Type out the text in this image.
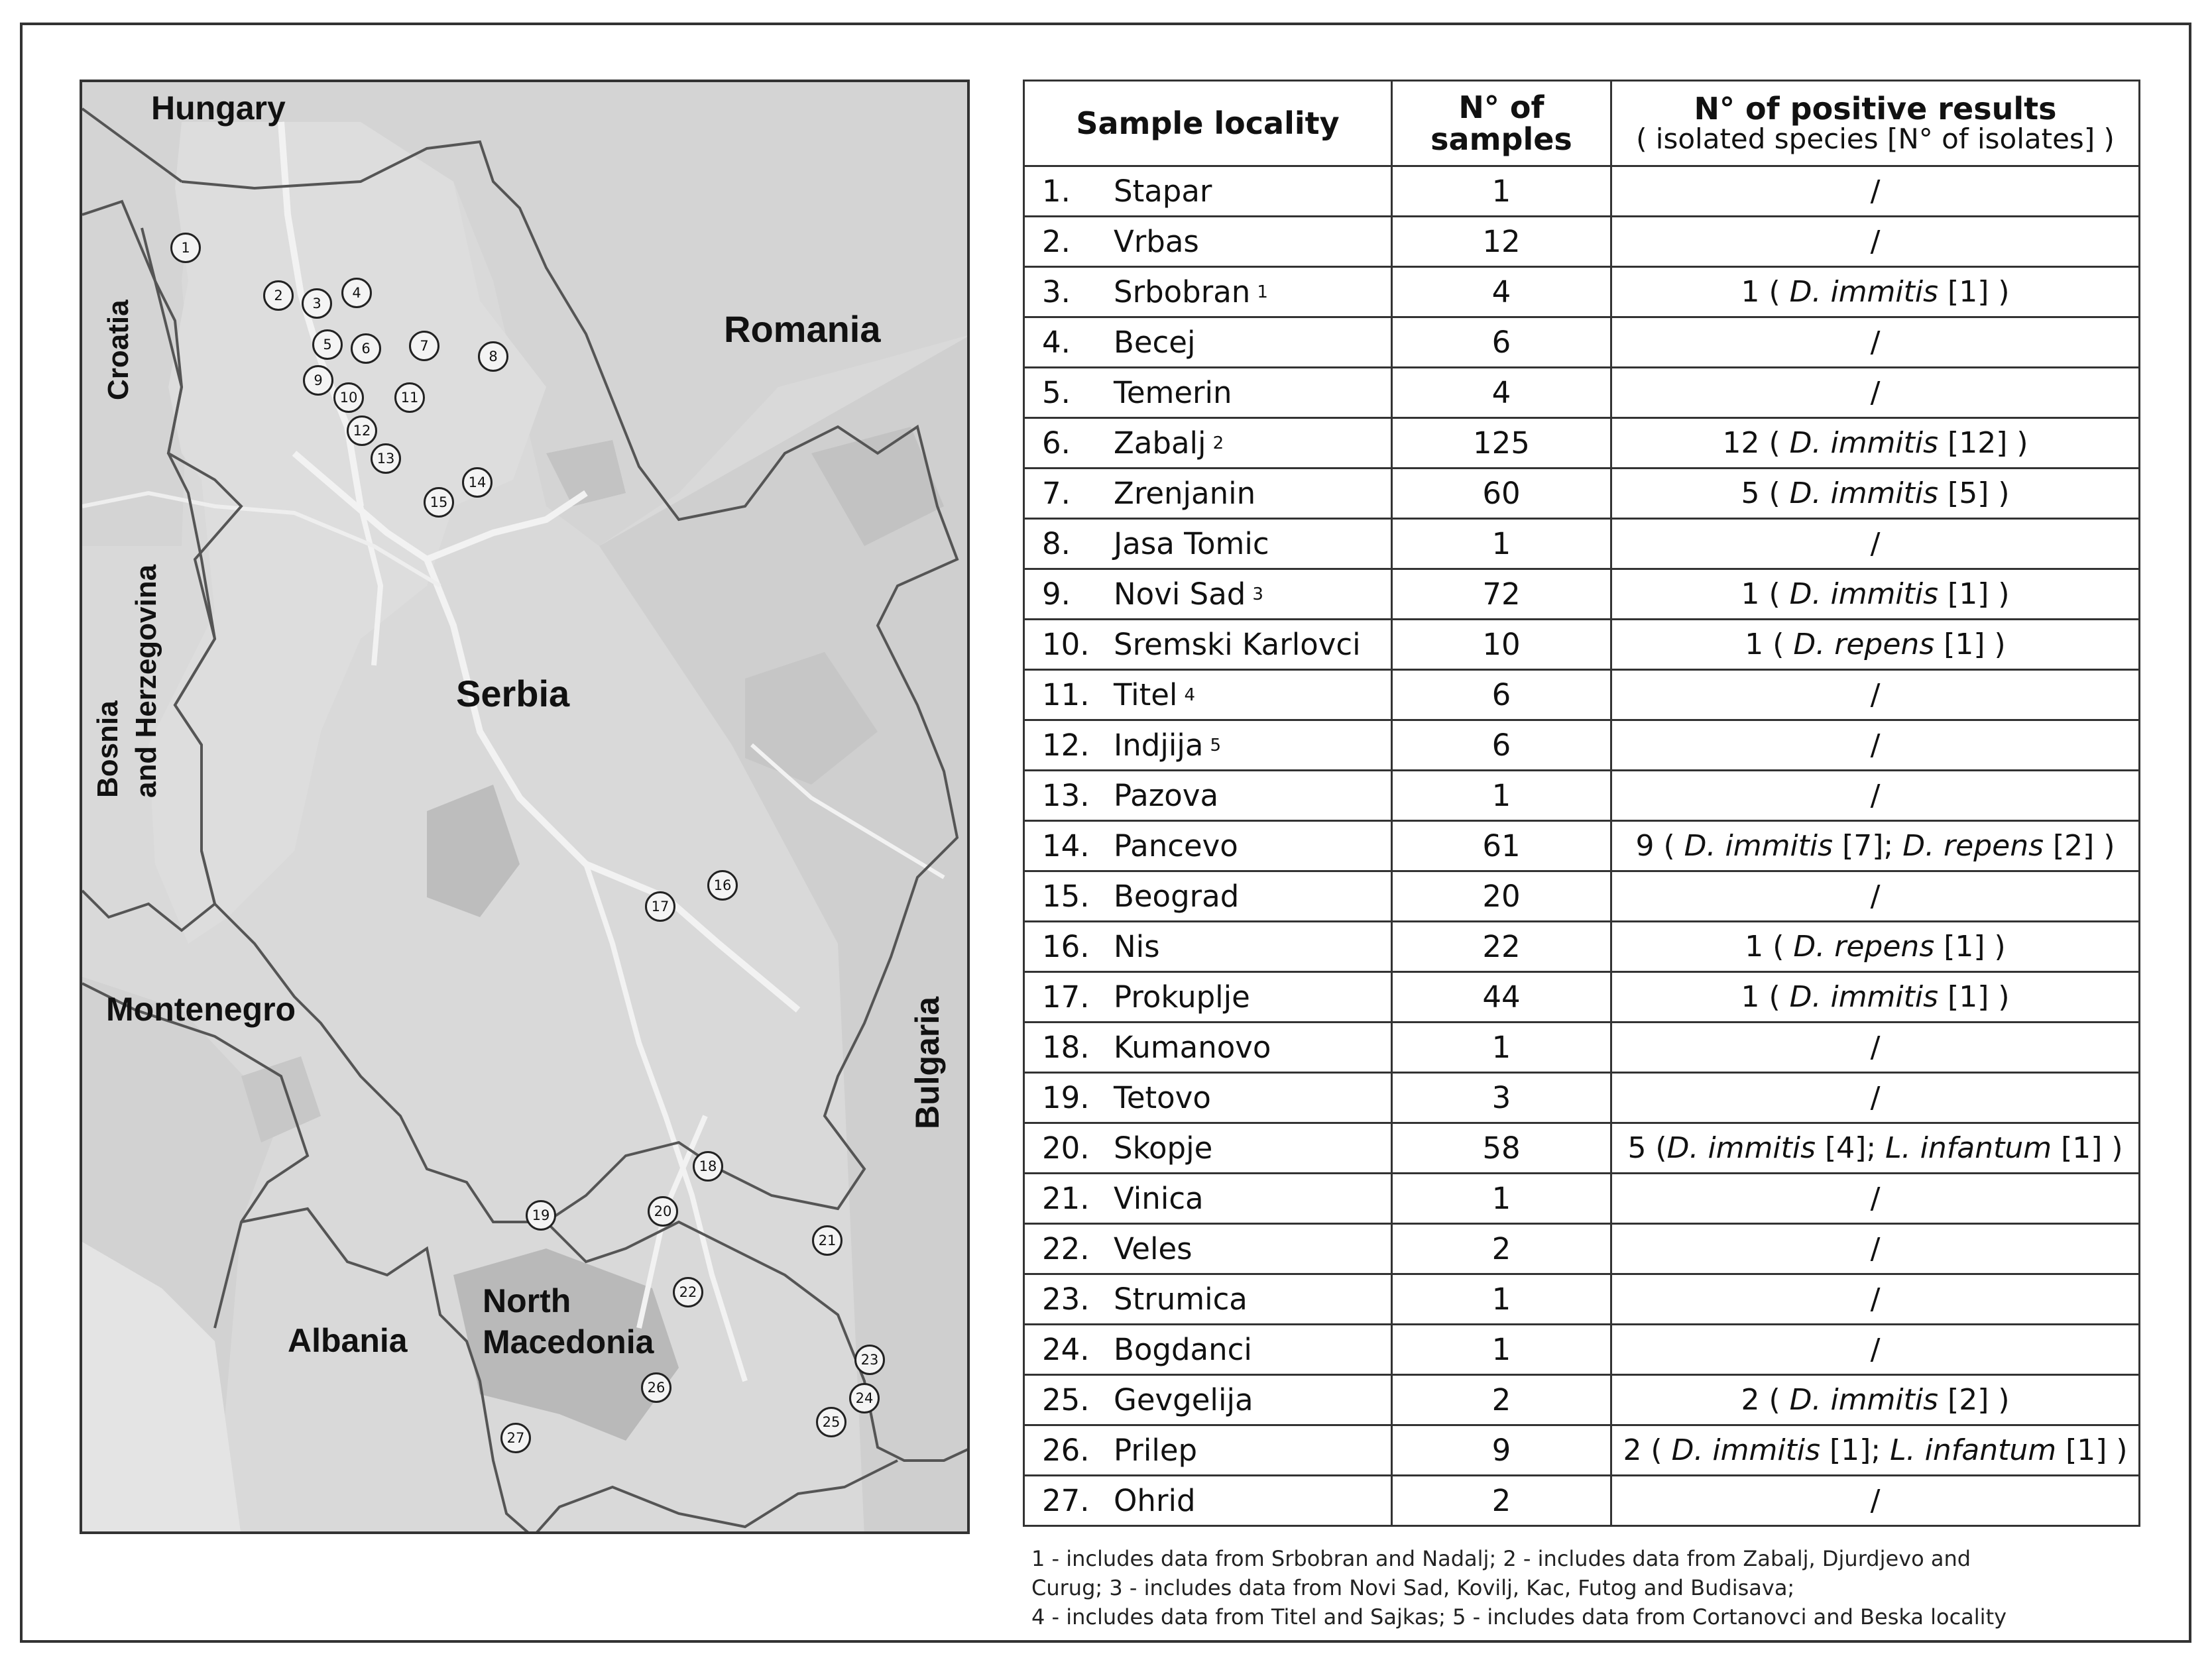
Hungary
Romania
Croatia
Bosnia and Herzegovina	Serbia
Montenegro	Bulgaria
Albania
North
Macedonia
1
2	3
4
5	6	7
8
9
10	11
12
13
14
15
16
17
18
19	20
21
22
23
24
25
26
27
Sample locality	N° of samples	N° of positive results
( isolated species [N° of isolates] )

1. Stapar	1	/

2. Vrbas	12	/

3. Srbobran 1	4	1 ( D. immitis [1] )

4. Becej	6	/

5. Temerin	4	/

6. Zabalj 2	125	12 ( D. immitis [12] )

7. Zrenjanin	60	5 ( D. immitis [5] )

8. Jasa Tomic	1	/

9. Novi Sad 3	72	1 ( D. immitis [1] )

10. Sremski Karlovci	10	1 ( D. repens [1] )

11. Titel 4	6	/

12. Indjija 5	6	/

13. Pazova	1	/

14. Pancevo	61	9 ( D. immitis [7]; D. repens [2] )

15. Beograd	20	/

16. Nis	22	1 ( D. repens [1] )

17. Prokuplje	44	1 ( D. immitis [1] )

18. Kumanovo	1	/

19. Tetovo	3	/

20. Skopje	58	5 (D. immitis [4]; L. infantum [1] )

21. Vinica	1	/

22. Veles	2	/

23. Strumica	1	/

24. Bogdanci	1	/

25. Gevgelija	2	2 ( D. immitis [2] )

26. Prilep	9	2 ( D. immitis [1]; L. infantum [1] )

27. Ohrid	2	/
1 - includes data from Srbobran and Nadalj; 2 - includes data from Zabalj, Djurdjevo and
Curug; 3 - includes data from Novi Sad, Kovilj, Kac, Futog and Budisava;
4 - includes data from Titel and Sajkas; 5 - includes data from Cortanovci and Beska locality
